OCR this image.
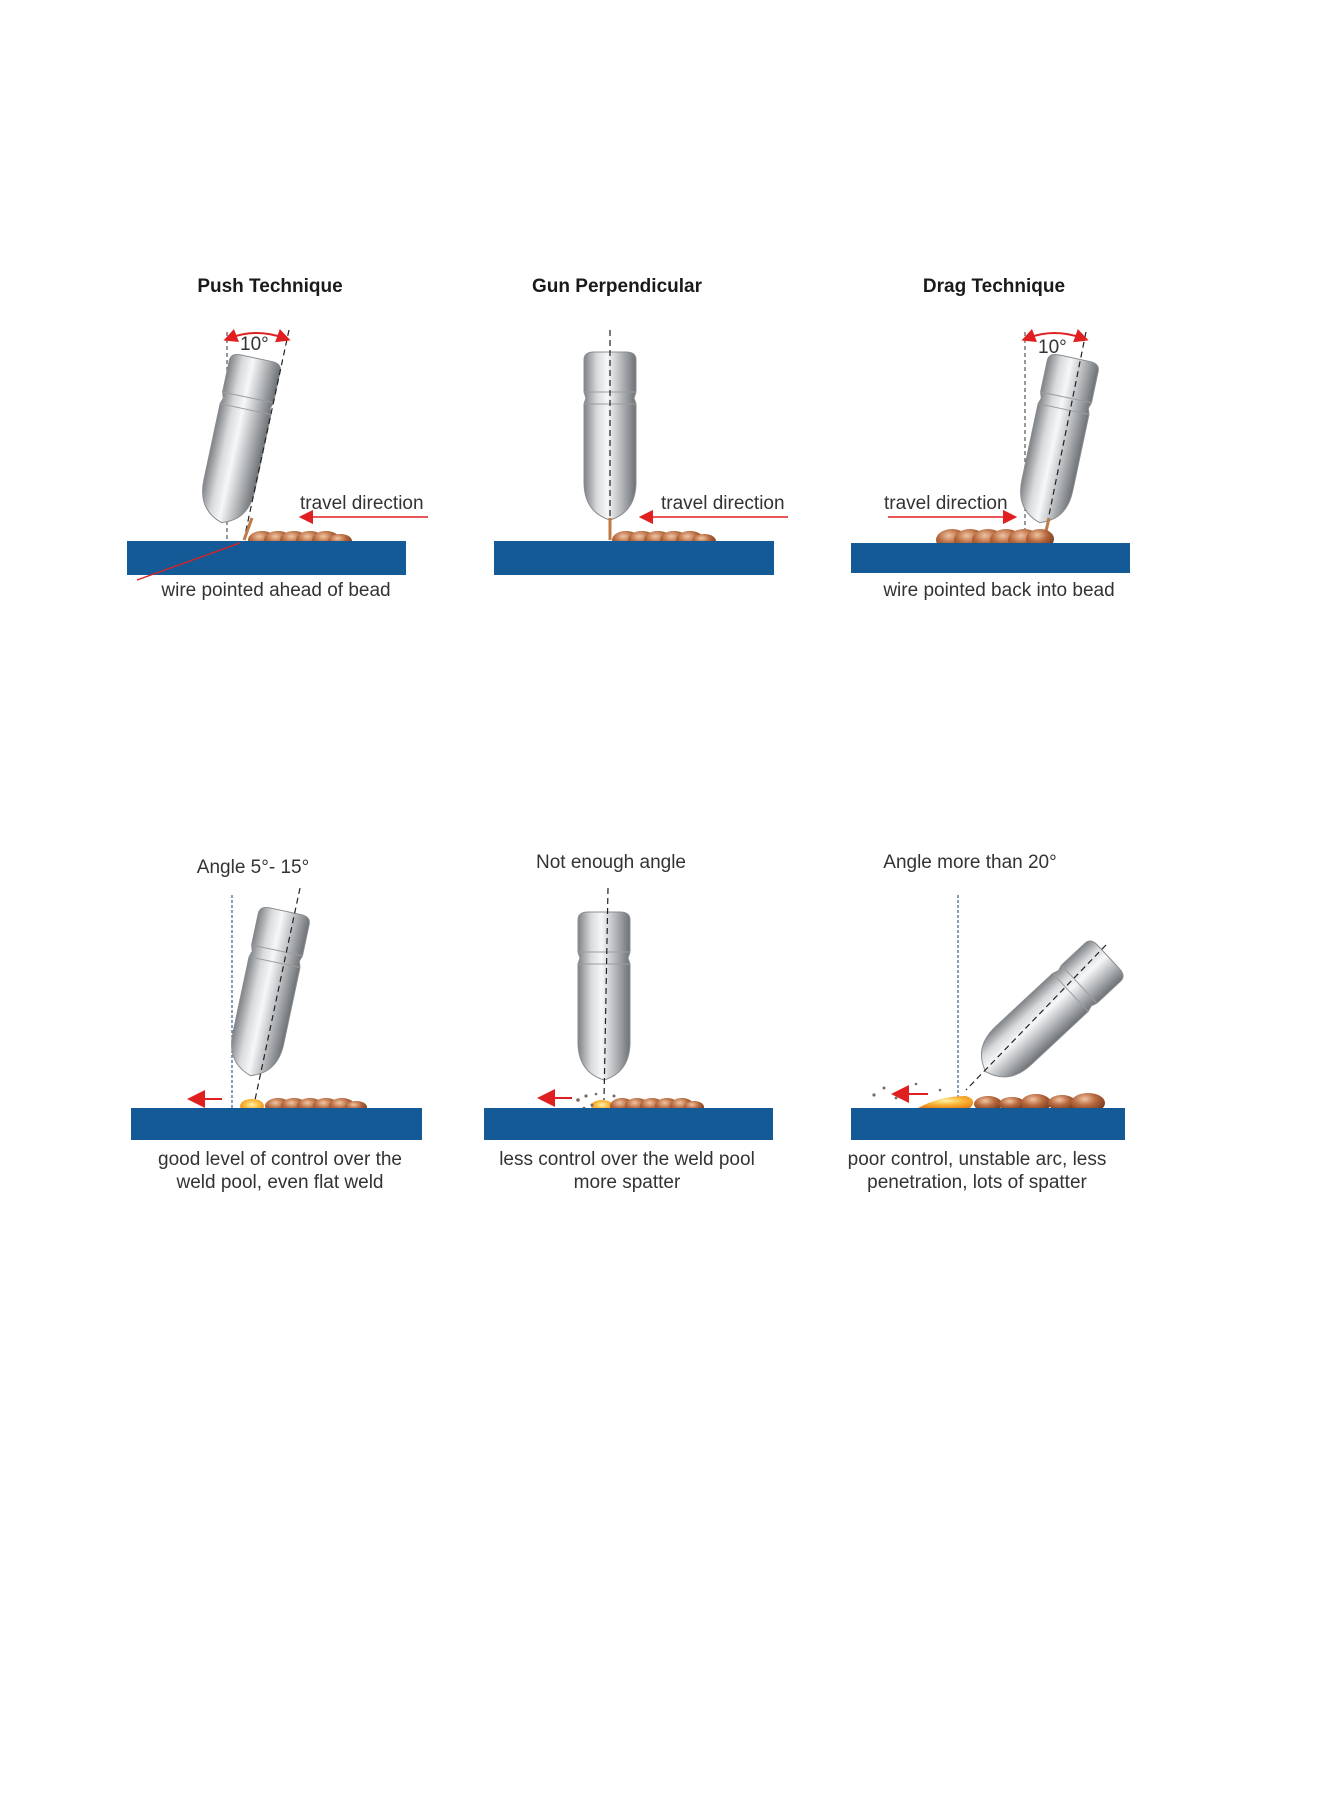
Push Technique
10°
travel direction
wire pointed ahead of bead
Gun Perpendicular
travel direction
Drag Technique
10°
travel direction
wire pointed back into bead
Angle 5°- 15°
good level of control over the
weld pool, even flat weld
Not enough angle
less control over the weld pool
more spatter
Angle more than 20°
poor control, unstable arc, less
penetration, lots of spatter
